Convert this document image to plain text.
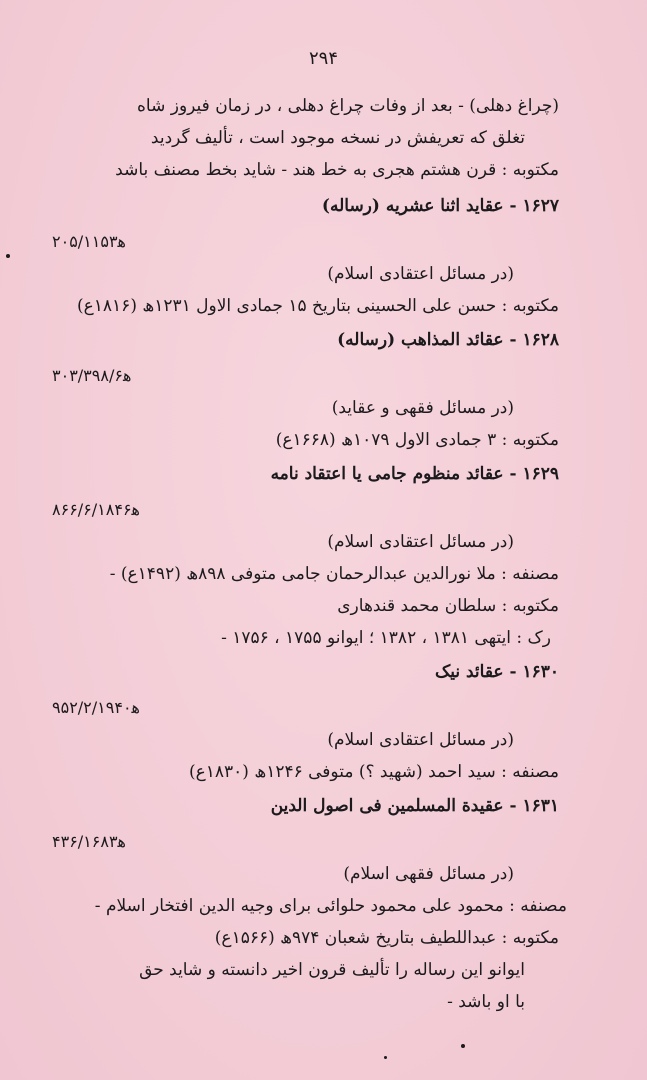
۲۹۴
(چراغ دهلی) - بعد از وفات چراغ دهلی ، در زمان فیروز شاه
تغلق که تعریفش در نسخه موجود است ، تألیف گردید
مکتوبه : قرن هشتم هجری به خط هند - شاید بخط مصنف باشد
۱۶۲۷ - عقاید اثنا عشریه (رساله)
ﻫ۲۰۵/۱۱۵۳
(در مسائل اعتقادی اسلام)
مکتوبه : حسن علی الحسینی بتاریخ ۱۵ جمادی الاول ۱۲۳۱ھ (۱۸۱۶ع)
۱۶۲۸ - عقائد المذاهب (رساله)
ﻫ۳۰۳/۳۹۸/۶
(در مسائل فقهی و عقاید)
مکتوبه : ۳ جمادی الاول ۱۰۷۹ھ (۱۶۶۸ع)
۱۶۲۹ - عقائد منظوم جامی یا اعتقاد نامه
ﻫ۸۶۶/۶/۱۸۴۶
(در مسائل اعتقادی اسلام)
مصنفه : ملا نورالدین عبدالرحمان جامی متوفی ۸۹۸ھ (۱۴۹۲ع) -
مکتوبه : سلطان محمد قندهاری
رک : ایتهی ۱۳۸۱ ، ۱۳۸۲ ؛ ایوانو ۱۷۵۵ ، ۱۷۵۶ -
۱۶۳۰ - عقائد نیک
ﻫ۹۵۲/۲/۱۹۴۰
(در مسائل اعتقادی اسلام)
مصنفه : سید احمد (شهید ؟) متوفی ۱۲۴۶ھ (۱۸۳۰ع)
۱۶۳۱ - عقیدة المسلمین فی اصول الدین
ﻫ۴۳۶/۱۶۸۳
(در مسائل فقهی اسلام)
مصنفه : محمود علی محمود حلوائی برای وجیه الدین افتخار اسلام -
مکتوبه : عبداللطیف بتاریخ شعبان ۹۷۴ھ (۱۵۶۶ع)
ایوانو این رساله را تألیف قرون اخیر دانسته و شاید حق
با او باشد -
